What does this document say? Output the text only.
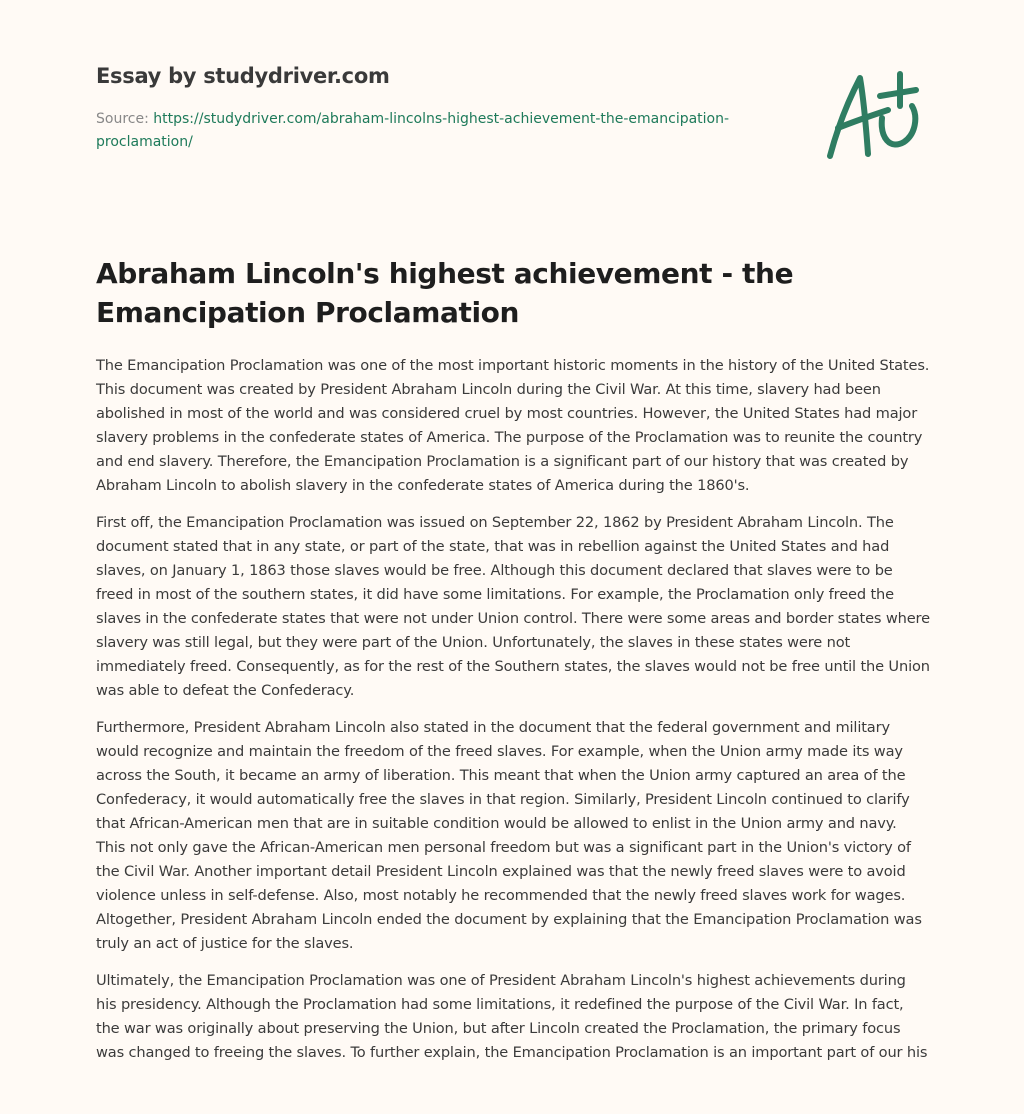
Essay by studydriver.com
Source: https://studydriver.com/abraham-lincolns-highest-achievement-the-emancipation-proclamation/
Abraham Lincoln's highest achievement - the Emancipation Proclamation

The Emancipation Proclamation was one of the most important historic moments in the history of the United States. This document was created by President Abraham Lincoln during the Civil War. At this time, slavery had been abolished in most of the world and was considered cruel by most countries. However, the United States had major slavery problems in the confederate states of America. The purpose of the Proclamation was to reunite the country and end slavery. Therefore, the Emancipation Proclamation is a significant part of our history that was created by Abraham Lincoln to abolish slavery in the confederate states of America during the 1860's.

First off, the Emancipation Proclamation was issued on September 22, 1862 by President Abraham Lincoln. The document stated that in any state, or part of the state, that was in rebellion against the United States and had slaves, on January 1, 1863 those slaves would be free. Although this document declared that slaves were to be freed in most of the southern states, it did have some limitations. For example, the Proclamation only freed the slaves in the confederate states that were not under Union control. There were some areas and border states where slavery was still legal, but they were part of the Union. Unfortunately, the slaves in these states were not immediately freed. Consequently, as for the rest of the Southern states, the slaves would not be free until the Union was able to defeat the Confederacy.

Furthermore, President Abraham Lincoln also stated in the document that the federal government and military would recognize and maintain the freedom of the freed slaves. For example, when the Union army made its way across the South, it became an army of liberation. This meant that when the Union army captured an area of the Confederacy, it would automatically free the slaves in that region. Similarly, President Lincoln continued to clarify that African-American men that are in suitable condition would be allowed to enlist in the Union army and navy. This not only gave the African-American men personal freedom but was a significant part in the Union's victory of the Civil War. Another important detail President Lincoln explained was that the newly freed slaves were to avoid violence unless in self-defense. Also, most notably he recommended that the newly freed slaves work for wages. Altogether, President Abraham Lincoln ended the document by explaining that the Emancipation Proclamation was truly an act of justice for the slaves.

Ultimately, the Emancipation Proclamation was one of President Abraham Lincoln's highest achievements during his presidency. Although the Proclamation had some limitations, it redefined the purpose of the Civil War. In fact, the war was originally about preserving the Union, but after Lincoln created the Proclamation, the primary focus was changed to freeing the slaves. To further explain, the Emancipation Proclamation is an important part of our his
